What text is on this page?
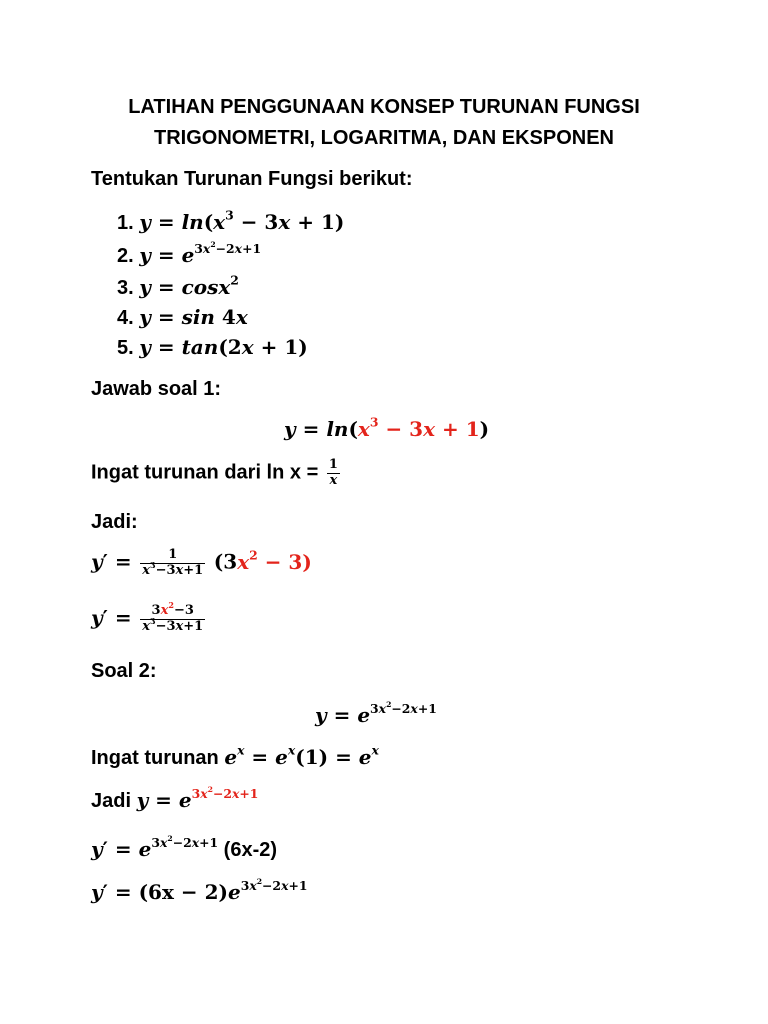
LATIHAN PENGGUNAAN KONSEP TURUNAN FUNGSI
TRIGONOMETRI, LOGARITMA, DAN EKSPONEN
Tentukan Turunan Fungsi berikut:
1. $y = \ln(x^3 - 3x + 1)$
2. $y = e^{3x^2-2x+1}$
3. y = cosx$^2$
4. y = sin 4x
5. y = tan(2x + 1)
Jawab soal 1:
$y = \ln(x^3 - 3x + 1)$
Ingat turunan dari $\ln x = \frac{1}{x}$
Jadi:
$y' = \frac{1}{x^3-3x+1} (3x^2 - 3)$
$y' = \frac{3x^2-3}{x^3-3x+1}$
Soal 2:
$y = e^{3x^2-2x+1}$
Ingat turunan $e^x = e^x(1) = e^x$
Jadi $y = e^{3x^2-2x+1}$
$y' = e^{3x^2-2x+1}$ (6x-2)
$y' = (6x - 2)e^{3x^2-2x+1}$
